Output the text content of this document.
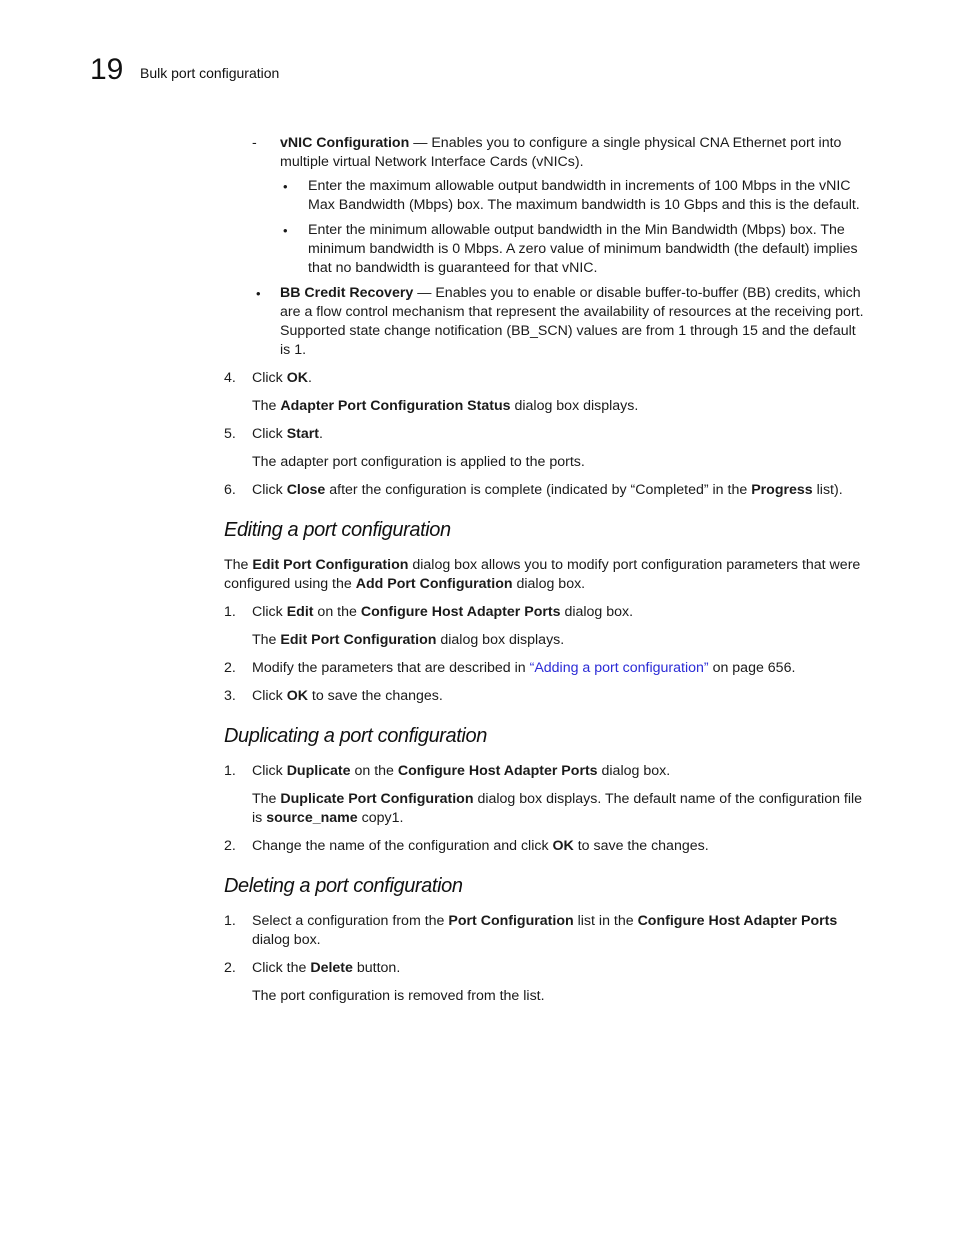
19 Bulk port configuration

- vNIC Configuration — Enables you to configure a single physical CNA Ethernet port into multiple virtual Network Interface Cards (vNICs).

• Enter the maximum allowable output bandwidth in increments of 100 Mbps in the vNIC Max Bandwidth (Mbps) box. The maximum bandwidth is 10 Gbps and this is the default.

• Enter the minimum allowable output bandwidth in the Min Bandwidth (Mbps) box. The minimum bandwidth is 0 Mbps. A zero value of minimum bandwidth (the default) implies that no bandwidth is guaranteed for that vNIC.

• BB Credit Recovery — Enables you to enable or disable buffer-to-buffer (BB) credits, which are a flow control mechanism that represent the availability of resources at the receiving port. Supported state change notification (BB_SCN) values are from 1 through 15 and the default is 1.

4. Click OK.

The Adapter Port Configuration Status dialog box displays.

5. Click Start.

The adapter port configuration is applied to the ports.

6. Click Close after the configuration is complete (indicated by “Completed” in the Progress list).

Editing a port configuration

The Edit Port Configuration dialog box allows you to modify port configuration parameters that were configured using the Add Port Configuration dialog box.

1. Click Edit on the Configure Host Adapter Ports dialog box.

The Edit Port Configuration dialog box displays.

2. Modify the parameters that are described in “Adding a port configuration” on page 656.

3. Click OK to save the changes.

Duplicating a port configuration

1. Click Duplicate on the Configure Host Adapter Ports dialog box.

The Duplicate Port Configuration dialog box displays. The default name of the configuration file is source_name copy1.

2. Change the name of the configuration and click OK to save the changes.

Deleting a port configuration

1. Select a configuration from the Port Configuration list in the Configure Host Adapter Ports dialog box.

2. Click the Delete button.

The port configuration is removed from the list.
